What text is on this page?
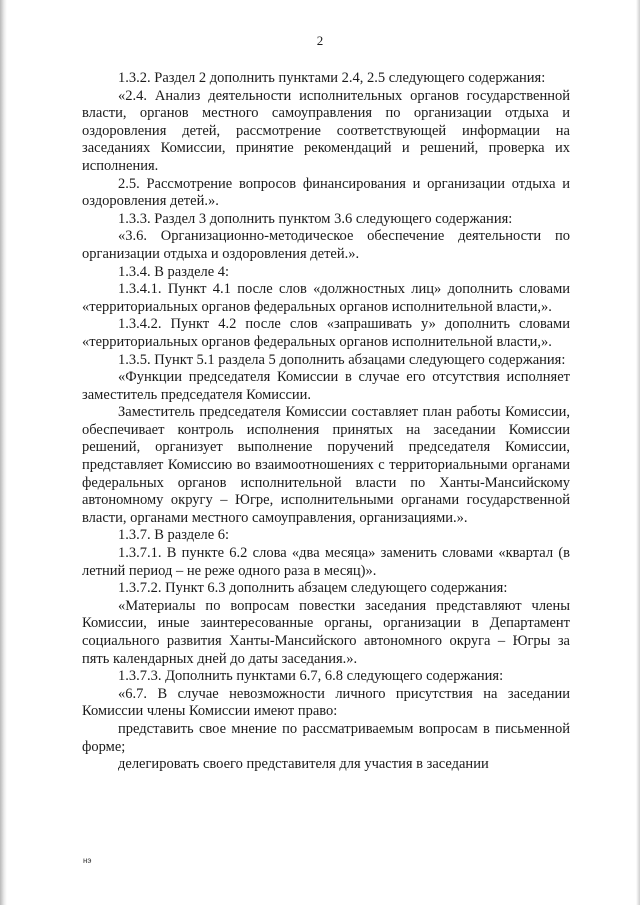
2

1.3.2. Раздел 2 дополнить пунктами 2.4, 2.5 следующего содержания:

«2.4. Анализ деятельности исполнительных органов государственной власти, органов местного самоуправления по организации отдыха и оздоровления детей, рассмотрение соответствующей информации на заседаниях Комиссии, принятие рекомендаций и решений, проверка их исполнения.

2.5. Рассмотрение вопросов финансирования и организации отдыха и оздоровления детей.».

1.3.3. Раздел 3 дополнить пунктом 3.6 следующего содержания:

«3.6. Организационно-методическое обеспечение деятельности по организации отдыха и оздоровления детей.».

1.3.4. В разделе 4:

1.3.4.1. Пункт 4.1 после слов «должностных лиц» дополнить словами «территориальных органов федеральных органов исполнительной власти,».

1.3.4.2. Пункт 4.2 после слов «запрашивать у» дополнить словами «территориальных органов федеральных органов исполнительной власти,».

1.3.5. Пункт 5.1 раздела 5 дополнить абзацами следующего содержания:

«Функции председателя Комиссии в случае его отсутствия исполняет заместитель председателя Комиссии.

Заместитель председателя Комиссии составляет план работы Комиссии, обеспечивает контроль исполнения принятых на заседании Комиссии решений, организует выполнение поручений председателя Комиссии, представляет Комиссию во взаимоотношениях с территориальными органами федеральных органов исполнительной власти по Ханты-Мансийскому автономному округу – Югре, исполнительными органами государственной власти, органами местного самоуправления, организациями.».

1.3.7. В разделе 6:

1.3.7.1. В пункте 6.2 слова «два месяца» заменить словами «квартал (в летний период – не реже одного раза в месяц)».

1.3.7.2. Пункт 6.3 дополнить абзацем следующего содержания:

«Материалы по вопросам повестки заседания представляют члены Комиссии, иные заинтересованные органы, организации в Департамент социального развития Ханты-Мансийского автономного округа – Югры за пять календарных дней до даты заседания.».

1.3.7.3. Дополнить пунктами 6.7, 6.8 следующего содержания:

«6.7. В случае невозможности личного присутствия на заседании Комиссии члены Комиссии имеют право:

представить свое мнение по рассматриваемым вопросам в письменной форме;

делегировать своего представителя для участия в заседании

нэ
